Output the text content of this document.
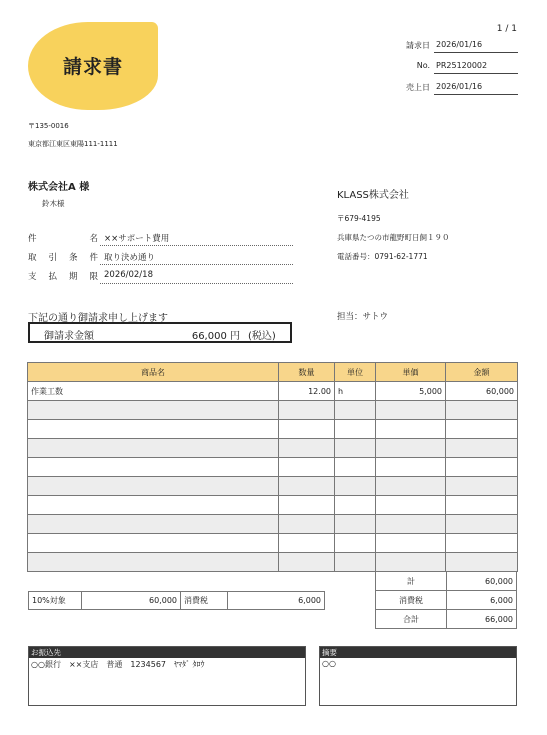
請求書
1 / 1
請求日 2026/01/16
No. PR25120002
売上日 2026/01/16
〒135-0016
東京都江東区東陽111-1111
株式会社A 様
鈴木様
KLASS株式会社
〒679-4195
兵庫県たつの市龍野町日飼１９０
電話番号：0791-62-1771
担当：サトウ
件	名 ××サポート費用
取 引 条 件 取り決め通り
支 払 期 限 2026/02/18
下記の通り御請求申し上げます
御請求金額	66,000 円 (税込)
商品名	数量	単位	単価	金額
作業工数	12.00	h	5,000	60,000

計	60,000
消費税	6,000
合計	66,000
10%対象	60,000	消費税	6,000
お振込先
○○銀行　××支店　普通　1234567　ﾔﾏﾀﾞ ﾀﾛｳ
摘要
○○
